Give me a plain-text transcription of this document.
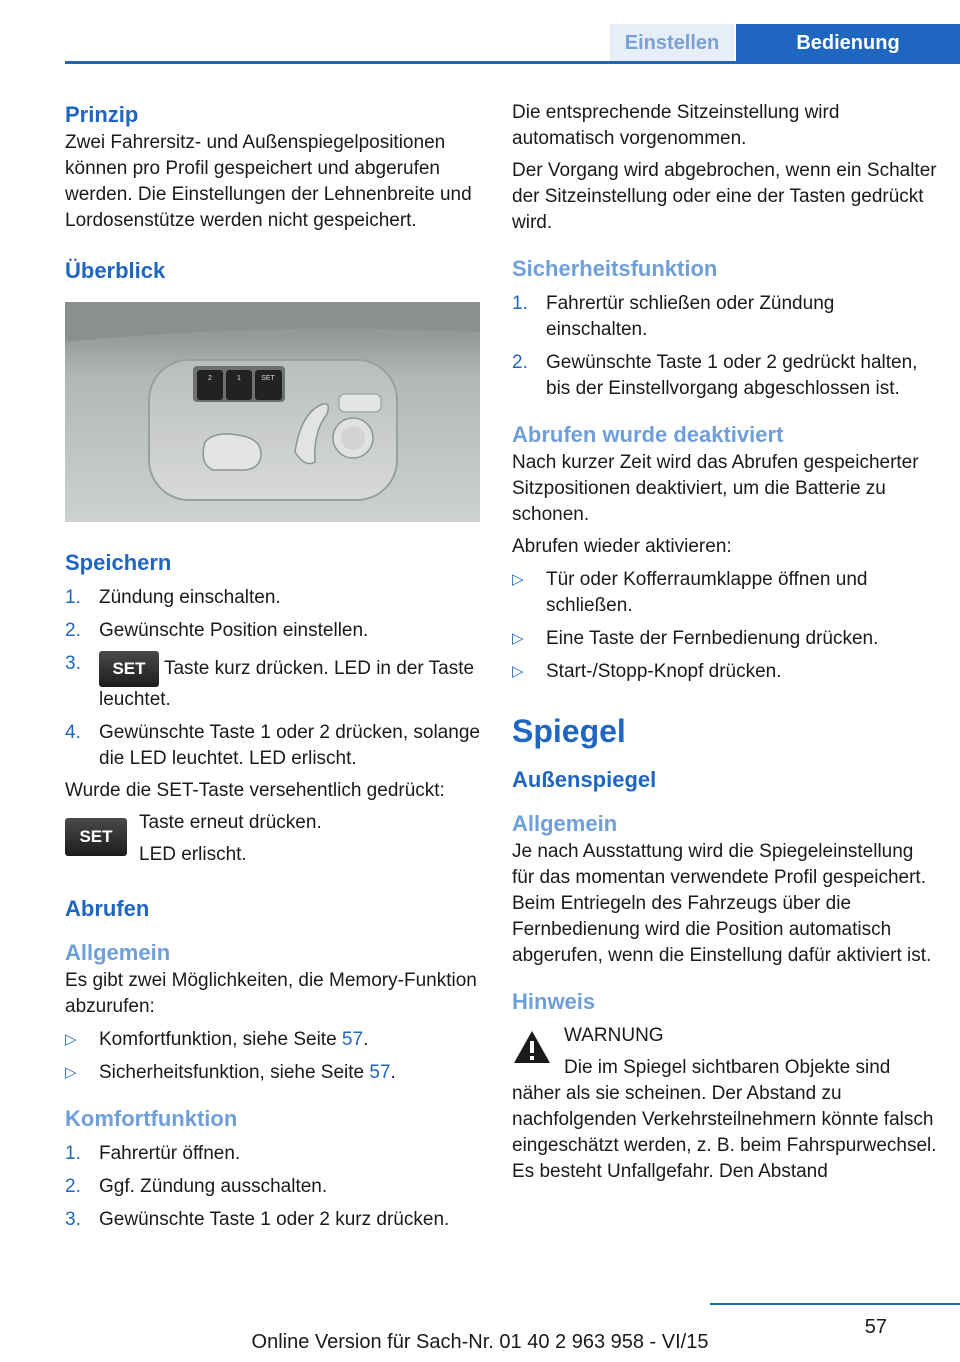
Einstellen	Bedienung
Prinzip

Zwei Fahrersitz- und Außenspiegelpositionen können pro Profil gespeichert und abgerufen werden. Die Einstellungen der Lehnenbreite und Lordosenstütze werden nicht gespeichert.

Überblick
2	1	SET
Speichern
1. Zündung einschalten.
2. Gewünschte Position einstellen.
3.	SET Taste kurz drücken. LED in der Taste leuchtet.
4. Gewünschte Taste 1 oder 2 drücken, solange die LED leuchtet. LED erlischt.

Wurde die SET-Taste versehentlich gedrückt:

SET

Taste erneut drücken.

LED erlischt.

Abrufen
Allgemein

Es gibt zwei Möglichkeiten, die Memory-Funktion abzurufen:

▷	Komfortfunktion, siehe Seite 57.
▷	Sicherheitsfunktion, siehe Seite 57.
Komfortfunktion
1. Fahrertür öffnen.
2. Ggf. Zündung ausschalten.
3. Gewünschte Taste 1 oder 2 kurz drücken.

Die entsprechende Sitzeinstellung wird automatisch vorgenommen.

Der Vorgang wird abgebrochen, wenn ein Schalter der Sitzeinstellung oder eine der Tasten gedrückt wird.

Sicherheitsfunktion
1. Fahrertür schließen oder Zündung einschalten.
2. Gewünschte Taste 1 oder 2 gedrückt halten, bis der Einstellvorgang abgeschlossen ist.
Abrufen wurde deaktiviert

Nach kurzer Zeit wird das Abrufen gespeicherter Sitzpositionen deaktiviert, um die Batterie zu schonen.

Abrufen wieder aktivieren:

▷	Tür oder Kofferraumklappe öffnen und schließen.
▷	Eine Taste der Fernbedienung drücken.
▷	Start-/Stopp-Knopf drücken.
Spiegel
Außenspiegel
Allgemein

Je nach Ausstattung wird die Spiegeleinstellung für das momentan verwendete Profil gespeichert. Beim Entriegeln des Fahrzeugs über die Fernbedienung wird die Position automatisch abgerufen, wenn die Einstellung dafür aktiviert ist.

Hinweis

WARNUNG

Die im Spiegel sichtbaren Objekte sind

näher als sie scheinen. Der Abstand zu nachfolgenden Verkehrsteilnehmern könnte falsch eingeschätzt werden, z. B. beim Fahrspurwechsel. Es besteht Unfallgefahr. Den Abstand

57
Online Version für Sach-Nr. 01 40 2 963 958 - VI/15
